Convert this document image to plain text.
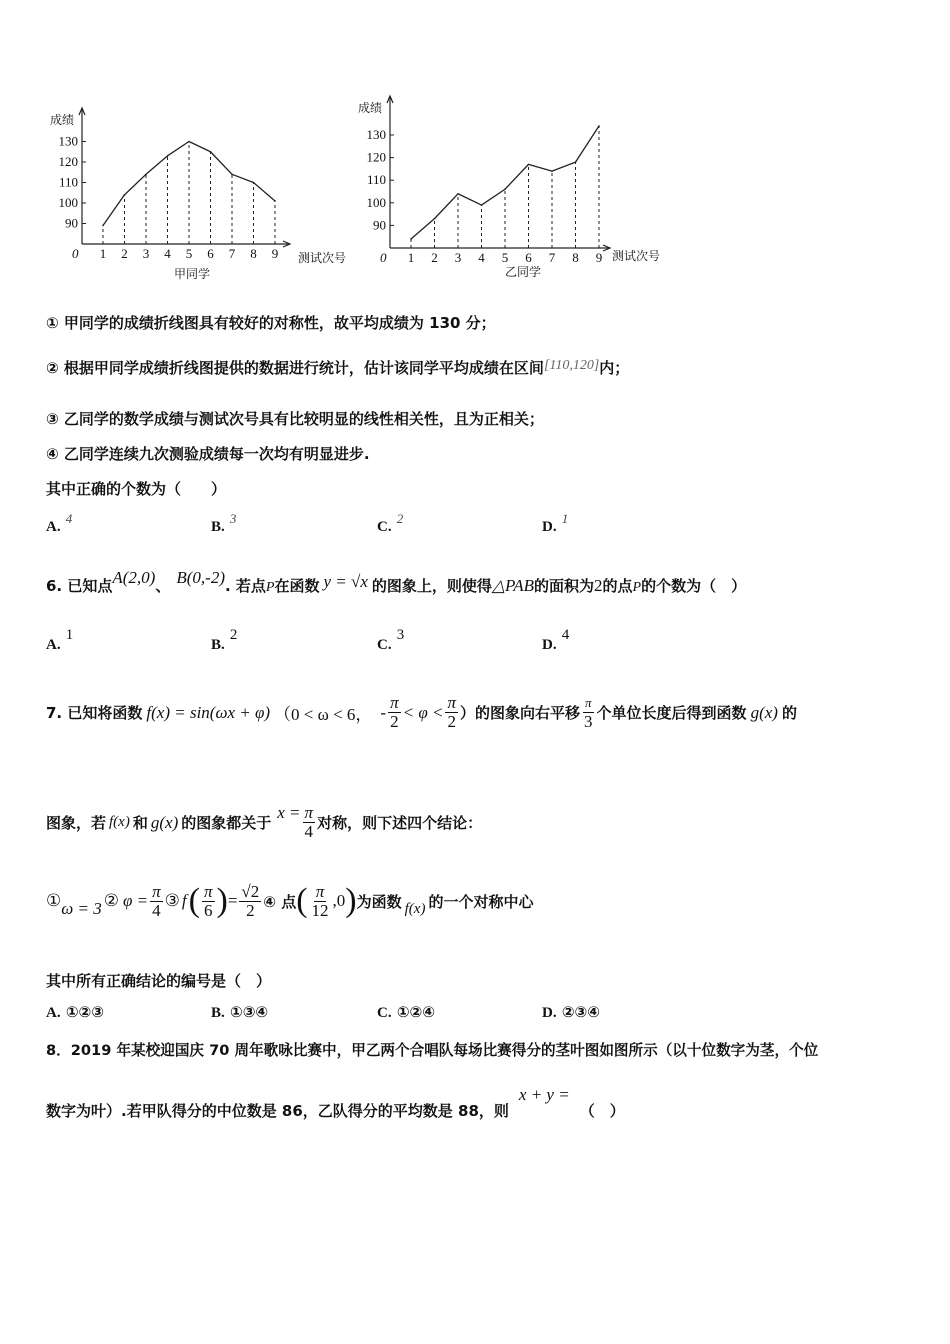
成绩
90
100
110
120
130
0 1 2 3 4 5 6 7 8 9 测试次号
甲同学
成绩
90
100
110
120
130
0 1 2 3 4 5 6 7 8 9 测试次号
乙同学
① 甲同学的成绩折线图具有较好的对称性，故平均成绩为 130 分；
② 根据甲同学成绩折线图提供的数据进行统计，估计该同学平均成绩在区间[110,120]内；
③ 乙同学的数学成绩与测试次号具有比较明显的线性相关性，且为正相关；
④ 乙同学连续九次测验成绩每一次均有明显进步.
其中正确的个数为（　　）
A. $^4$
B. $^3$
C. $^2$
D. $^1$
6. 已知点A(2,0)、 B(0,-2). 若点P在函数 y = √x 的图象上，则使得△PAB的面积为2的点P的个数为（　）
A. 1
B. 2
C. 3
D. 4
7.
已知将函数 f(x) = sin(ωx + φ) （0 < ω < 6， - $\frac{\pi}{2} < \varphi < \frac{\pi}{2}$ ） 的图象向右平移 $\frac{\pi}{3}$ 个单位长度后得到函数 g(x) 的
图象，若 f(x) 和 g(x) 的图象都关于
$x = \frac{\pi}{4}$ 对称，则下述四个结论：
① ω = 3 ② $\varphi = \frac{\pi}{4}$ ③ f ( $\frac{\pi}{6}$ ) = $\frac{√2}{2}$ ④ 点 ( $\frac{\pi}{12} ,0$ ) 为函数 f(x) 的一个对称中心
其中所有正确结论的编号是（　）
A. ①②③	B. ①③④	C. ①②④	D. ②③④
8．2019 年某校迎国庆 70 周年歌咏比赛中，甲乙两个合唱队每场比赛得分的茎叶图如图所示（以十位数字为茎，个位
数字为叶）.若甲队得分的中位数是 86，乙队得分的平均数是 88，则x + y =（　）
